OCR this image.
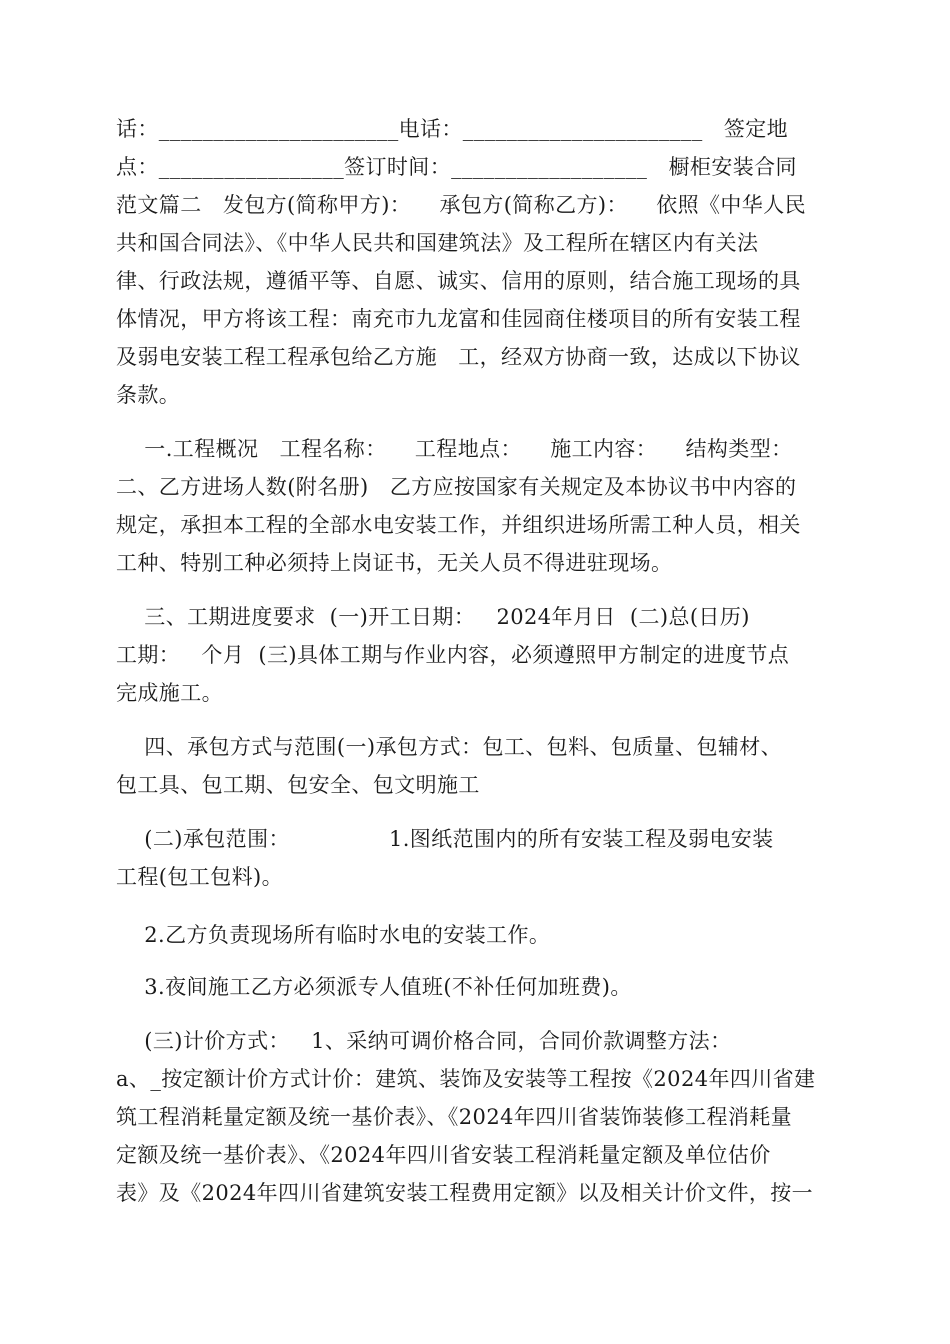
话：______________________电话：______________________   签定地
点：_________________签订时间：__________________   橱柜安装合同
范文篇二   发包方(简称甲方)：    承包方(简称乙方)：    依照《中华人民
共和国合同法》、《中华人民共和国建筑法》及工程所在辖区内有关法
律、行政法规，遵循平等、自愿、诚实、信用的原则，结合施工现场的具
体情况，甲方将该工程：南充市九龙富和佳园商住楼项目的所有安装工程
及弱电安装工程工程承包给乙方施   工，经双方协商一致，达成以下协议
条款。
一.工程概况   工程名称：    工程地点：    施工内容：    结构类型：
二、乙方进场人数(附名册)   乙方应按国家有关规定及本协议书中内容的
规定，承担本工程的全部水电安装工作，并组织进场所需工种人员，相关
工种、特别工种必须持上岗证书，无关人员不得进驻现场。
三、工期进度要求  (一)开工日期：   2024年月日  (二)总(日历)
工期：   个月  (三)具体工期与作业内容，必须遵照甲方制定的进度节点
完成施工。
四、承包方式与范围(一)承包方式：包工、包料、包质量、包辅材、
包工具、包工期、包安全、包文明施工
(二)承包范围：              1.图纸范围内的所有安装工程及弱电安装
工程(包工包料)。
2.乙方负责现场所有临时水电的安装工作。
3.夜间施工乙方必须派专人值班(不补任何加班费)。
(三)计价方式：   1、采纳可调价格合同，合同价款调整方法：
a、_按定额计价方式计价：建筑、装饰及安装等工程按《2024年四川省建
筑工程消耗量定额及统一基价表》、《2024年四川省装饰装修工程消耗量
定额及统一基价表》、《2024年四川省安装工程消耗量定额及单位估价
表》及《2024年四川省建筑安装工程费用定额》以及相关计价文件，按一
